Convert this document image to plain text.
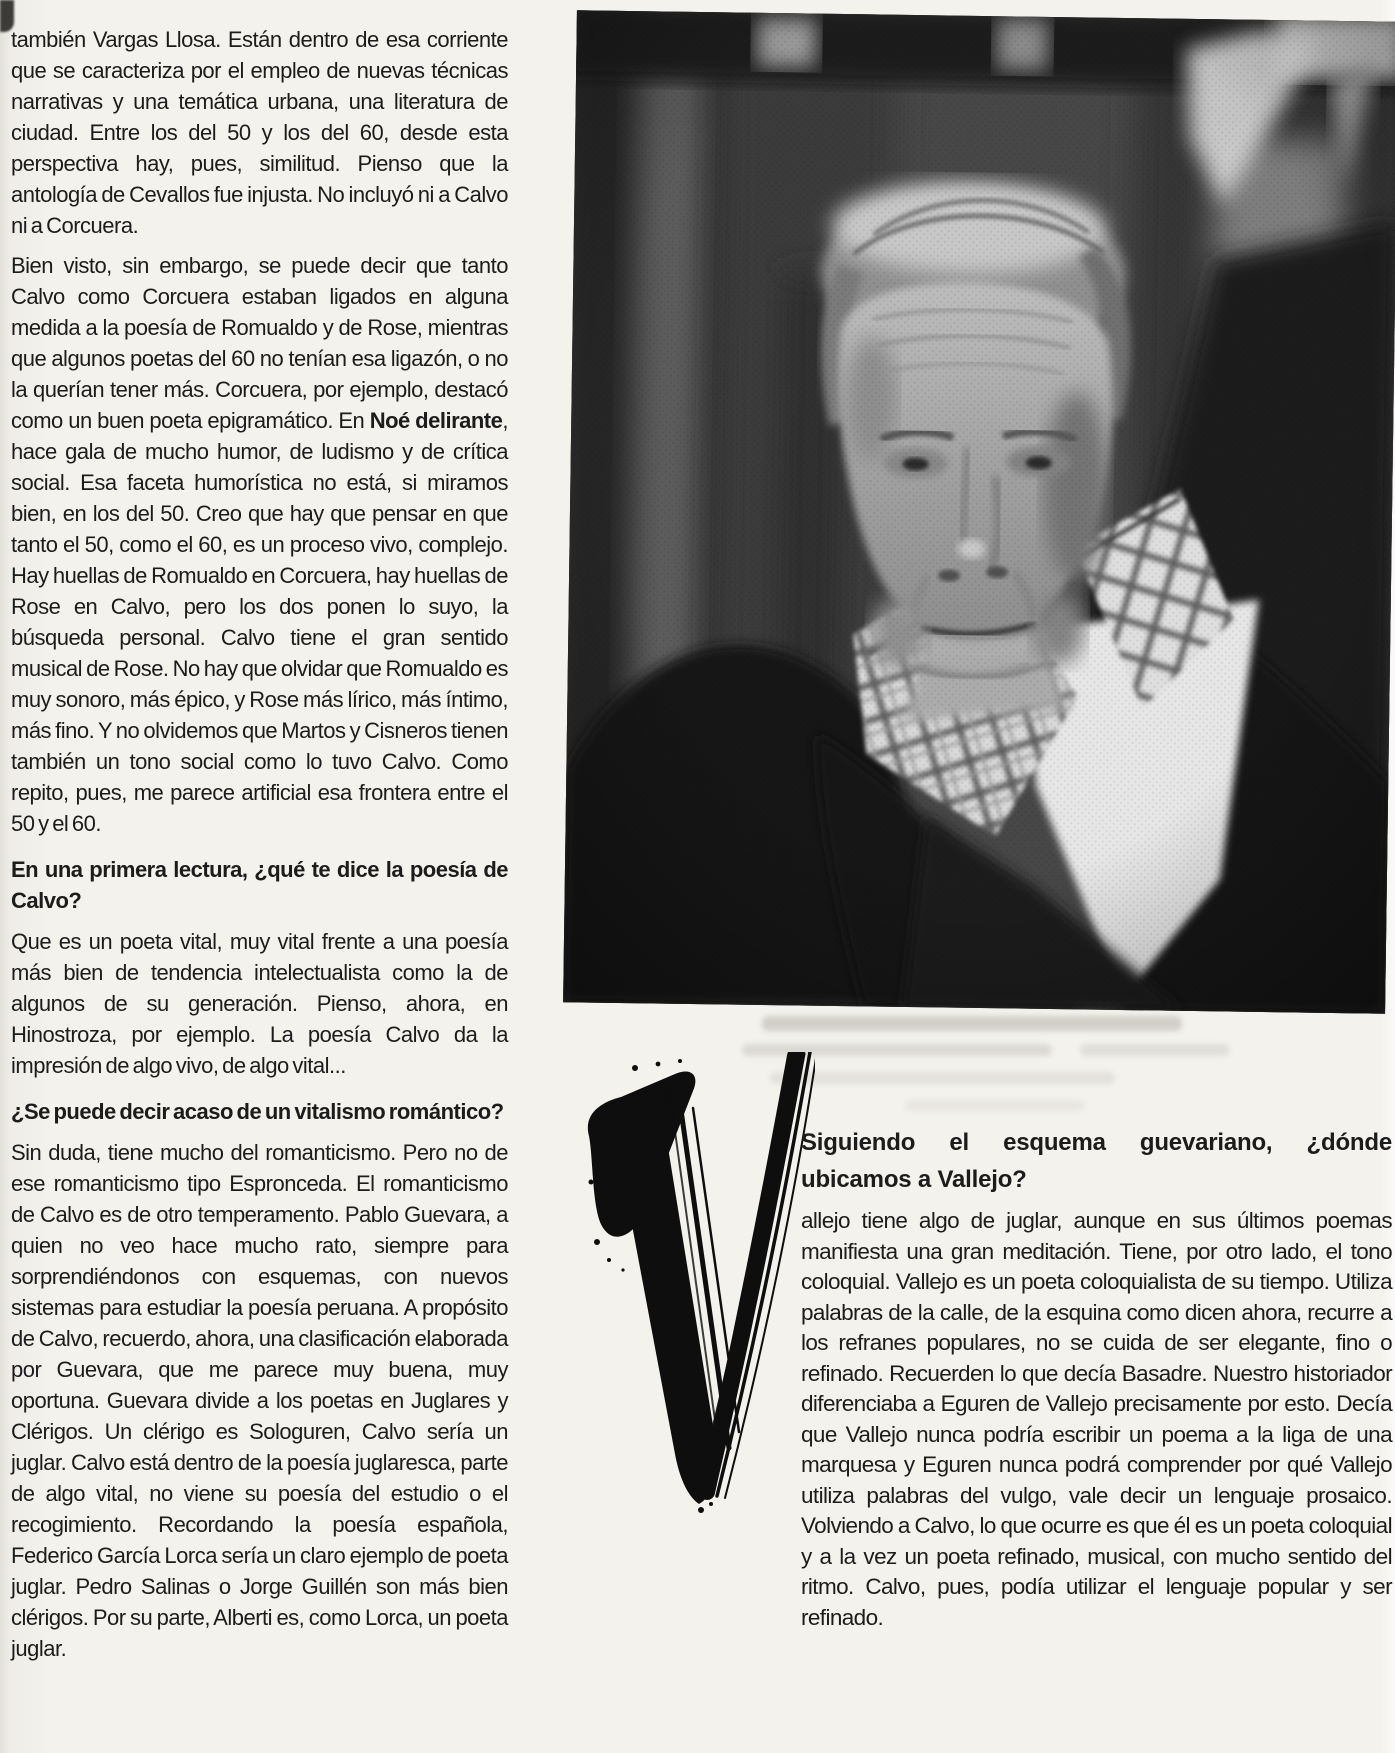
también Vargas Llosa. Están dentro de esa corriente que se caracteriza por el empleo de nuevas técnicas narrativas y una temática urbana, una literatura de ciudad. Entre los del 50 y los del 60, desde esta perspectiva hay, pues, similitud. Pienso que la antología de Cevallos fue injusta. No incluyó ni a Calvo ni a Corcuera.

Bien visto, sin embargo, se puede decir que tanto Calvo como Corcuera estaban ligados en alguna medida a la poesía de Romualdo y de Rose, mientras que algunos poetas del 60 no tenían esa ligazón, o no la querían tener más. Corcuera, por ejemplo, destacó como un buen poeta epigramático. En Noé delirante, hace gala de mucho humor, de ludismo y de crítica social. Esa faceta humorística no está, si miramos bien, en los del 50. Creo que hay que pensar en que tanto el 50, como el 60, es un proceso vivo, complejo. Hay huellas de Romualdo en Corcuera, hay huellas de Rose en Calvo, pero los dos ponen lo suyo, la búsqueda personal. Calvo tiene el gran sentido musical de Rose. No hay que olvidar que Romualdo es muy sonoro, más épico, y Rose más lírico, más íntimo, más fino. Y no olvidemos que Martos y Cisneros tienen también un tono social como lo tuvo Calvo. Como repito, pues, me parece artificial esa frontera entre el 50 y el 60.

En una primera lectura, ¿qué te dice la poesía de Calvo?

Que es un poeta vital, muy vital frente a una poesía más bien de tendencia intelectualista como la de algunos de su generación. Pienso, ahora, en Hinostroza, por ejemplo. La poesía Calvo da la impresión de algo vivo, de algo vital...

¿Se puede decir acaso de un vitalismo romántico?

Sin duda, tiene mucho del romanticismo. Pero no de ese romanticismo tipo Espronceda. El romanticismo de Calvo es de otro temperamento. Pablo Guevara, a quien no veo hace mucho rato, siempre para sorprendiéndonos con esquemas, con nuevos sistemas para estudiar la poesía peruana. A propósito de Calvo, recuerdo, ahora, una clasificación elaborada por Guevara, que me parece muy buena, muy oportuna. Guevara divide a los poetas en Juglares y Clérigos. Un clérigo es Sologuren, Calvo sería un juglar. Calvo está dentro de la poesía juglaresca, parte de algo vital, no viene su poesía del estudio o el recogimiento. Recordando la poesía española, Federico García Lorca sería un claro ejemplo de poeta juglar. Pedro Salinas o Jorge Guillén son más bien clérigos. Por su parte, Alberti es, como Lorca, un poeta juglar.

Siguiendo el esquema guevariano, ¿dónde ubicamos a Vallejo?
allejo tiene algo de juglar, aunque en sus últimos poemas manifiesta una gran meditación. Tiene, por otro lado, el tono coloquial. Vallejo es un poeta coloquialista de su tiempo. Utiliza palabras de la calle, de la esquina como dicen ahora, recurre a los refranes populares, no se cuida de ser elegante, fino o refinado. Recuerden lo que decía Basadre. Nuestro historiador diferenciaba a Eguren de Vallejo precisamente por esto. Decía que Vallejo nunca podría escribir un poema a la liga de una marquesa y Eguren nunca podrá comprender por qué Vallejo utiliza palabras del vulgo, vale decir un lenguaje prosaico. Volviendo a Calvo, lo que ocurre es que él es un poeta coloquial y a la vez un poeta refinado, musical, con mucho sentido del ritmo. Calvo, pues, podía utilizar el lenguaje popular y ser refinado.
